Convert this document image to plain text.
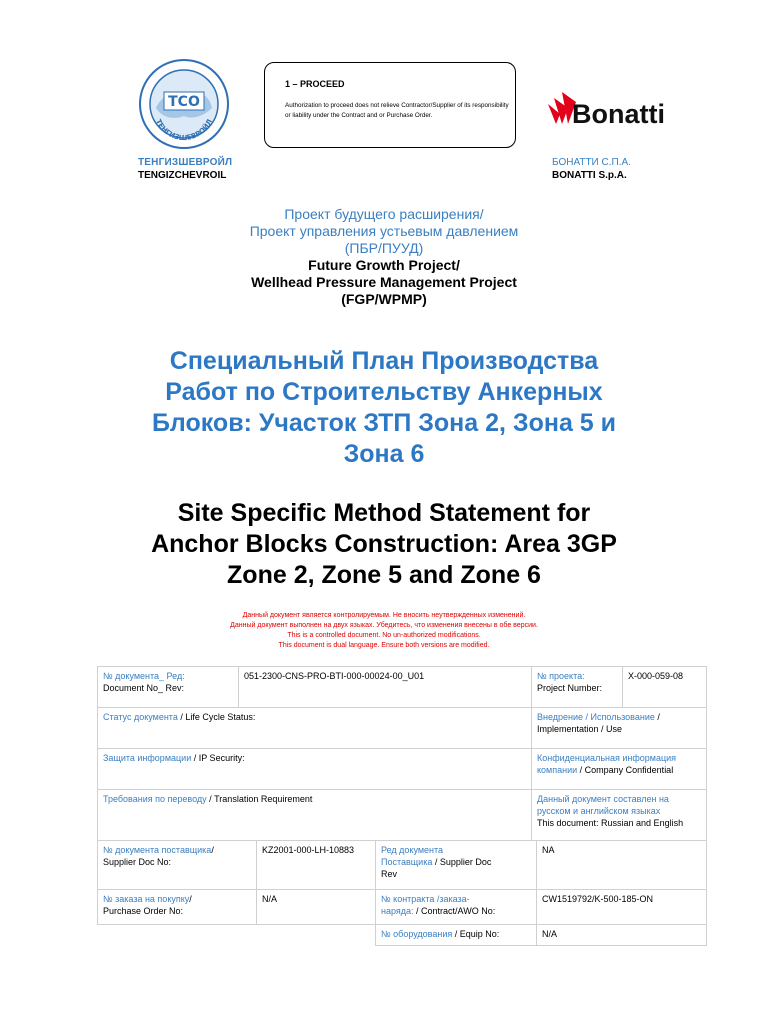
TCO
ТЕНГИЗШЕВРОЙЛ
ТЕНГИЗШЕВРОЙЛ
TENGIZCHEVROIL
1 – PROCEED
Authorization to proceed does not relieve Contractor/Supplier of its responsibility or liability under the Contract and or Purchase Order.	Bonatti
БОНАТТИ С.П.А.
BONATTI S.p.A.
Проект будущего расширения/
Проект управления устьевым давлением
(ПБР/ПУУД)
Future Growth Project/
Wellhead Pressure Management Project
(FGP/WPMP)
Специальный План Производства
Работ по Строительству Анкерных
Блоков: Участок ЗТП Зона 2, Зона 5 и
Зона 6
Site Specific Method Statement for
Anchor Blocks Construction: Area 3GP
Zone 2, Zone 5 and Zone 6
Данный документ является контролируемым. Не вносить неутвержденных изменений.
Данный документ выполнен на двух языках. Убедитесь, что изменения внесены в обе версии.
This is a controlled document. No un-authorized modifications.
This document is dual language. Ensure both versions are modified.
№ документа_ Ред:
Document No_ Rev:	051-2300-CNS-PRO-BTI-000-00024-00_U01	№ проекта:
Project Number:	X-000-059-08
Статус документа / Life Cycle Status:		Внедрение / Использование / Implementation / Use	
Защита информации / IP Security:		Конфиденциальная информация компании / Company Confidential	
Требования по переводу / Translation Requirement		Данный документ составлен на русском и английском языках
This document: Russian and English	
№ документа поставщика/
Supplier Doc No:	KZ2001-000-LH-10883	Ред документа
Поставщика / Supplier Doc
Rev	NA
№ заказа на покупку/
Purchase Order No:	N/A	№ контракта /заказа-
наряда: / Contract/AWO No:	CW1519792/K-500-185-ON
		№ оборудования / Equip No:	N/A
